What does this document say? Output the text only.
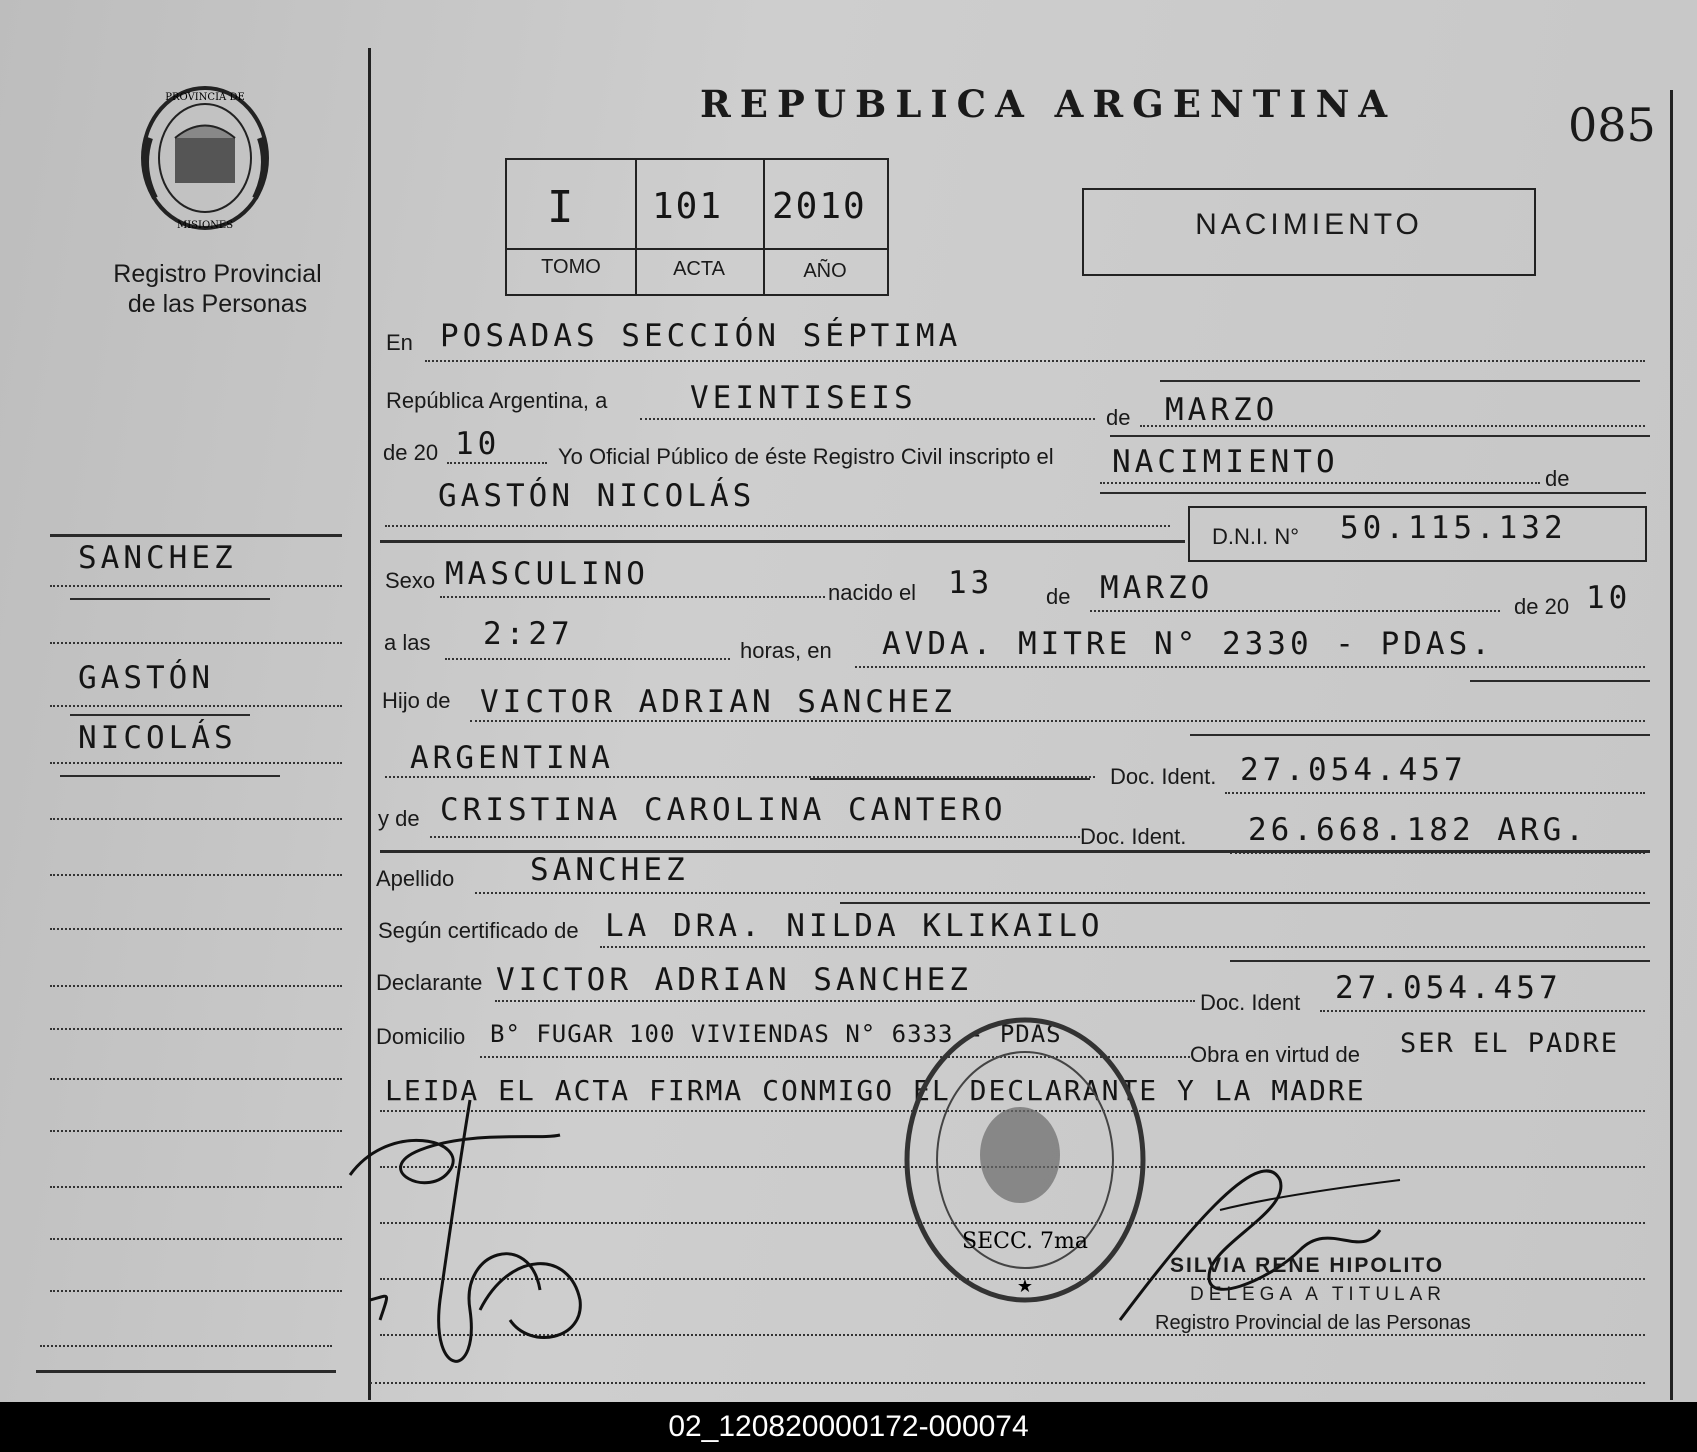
PROVINCIA DE
MISIONES
Registro Provincial
de las Personas
REPUBLICA ARGENTINA	085
I 101 2010
TOMO	ACTA	AÑO
NACIMIENTO
SANCHEZ
GASTÓN
NICOLÁS
En POSADAS SECCIÓN SÉPTIMA
República Argentina, a	VEINTISEIS
de MARZO
de 20 10	Yo Oficial Público de éste Registro Civil inscripto el NACIMIENTO	de
GASTÓN NICOLÁS
D.N.I. N° 50.115.132
Sexo MASCULINO
nacido el 13 de MARZO
de 20 10
a las 2:27	horas, en AVDA. MITRE N° 2330 - PDAS.
Hijo de VICTOR ADRIAN SANCHEZ
ARGENTINA
Doc. Ident. 27.054.457
y de CRISTINA CAROLINA CANTERO
Doc. Ident. 26.668.182 ARG.
Apellido SANCHEZ
Según certificado de LA DRA. NILDA KLIKAILO
Declarante VICTOR ADRIAN SANCHEZ
Doc. Ident 27.054.457
Domicilio B° FUGAR 100 VIVIENDAS N° 6333 - PDAS
Obra en virtud de SER EL PADRE
LEIDA EL ACTA FIRMA CONMIGO EL DECLARANTE Y LA MADRE
SECC. 7ma
★
SILVIA RENE HIPOLITO
DELEGA A TITULAR
Registro Provincial de las Personas
02_120820000172-000074
